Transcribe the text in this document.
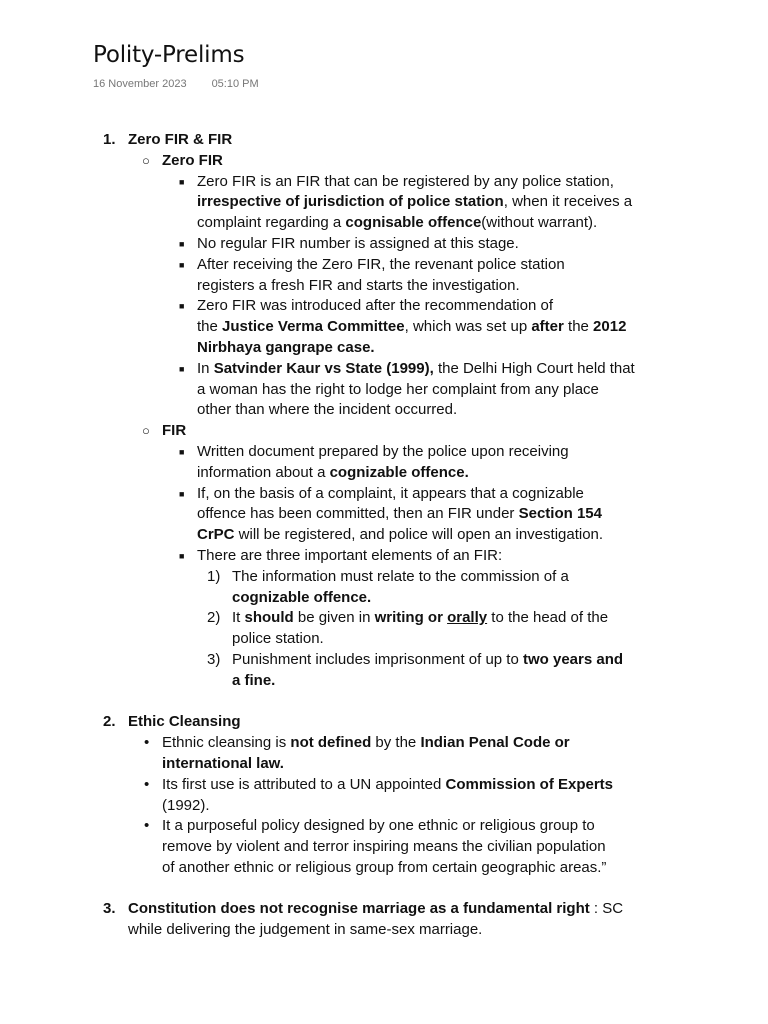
Polity-Prelims
16 November 2023 05:10 PM
1. Zero FIR & FIR
○ Zero FIR
■ Zero FIR is an FIR that can be registered by any police station,
irrespective of jurisdiction of police station, when it receives a
complaint regarding a cognisable offence(without warrant).
■ No regular FIR number is assigned at this stage.
■ After receiving the Zero FIR, the revenant police station
registers a fresh FIR and starts the investigation.
■ Zero FIR was introduced after the recommendation of
the Justice Verma Committee, which was set up after the 2012
Nirbhaya gangrape case.
■ In Satvinder Kaur vs State (1999), the Delhi High Court held that
a woman has the right to lodge her complaint from any place
other than where the incident occurred.
○ FIR
■ Written document prepared by the police upon receiving
information about a cognizable offence.
■ If, on the basis of a complaint, it appears that a cognizable
offence has been committed, then an FIR under Section 154
CrPC will be registered, and police will open an investigation.
■ There are three important elements of an FIR:
1) The information must relate to the commission of a
cognizable offence.
2) It should be given in writing or orally to the head of the
police station.
3) Punishment includes imprisonment of up to two years and
a fine.
2. Ethic Cleansing
• Ethnic cleansing is not defined by the Indian Penal Code or
international law.
• Its first use is attributed to a UN appointed Commission of Experts
(1992).
• It a purposeful policy designed by one ethnic or religious group to
remove by violent and terror inspiring means the civilian population
of another ethnic or religious group from certain geographic areas.”
3. Constitution does not recognise marriage as a fundamental right : SC
while delivering the judgement in same-sex marriage.
